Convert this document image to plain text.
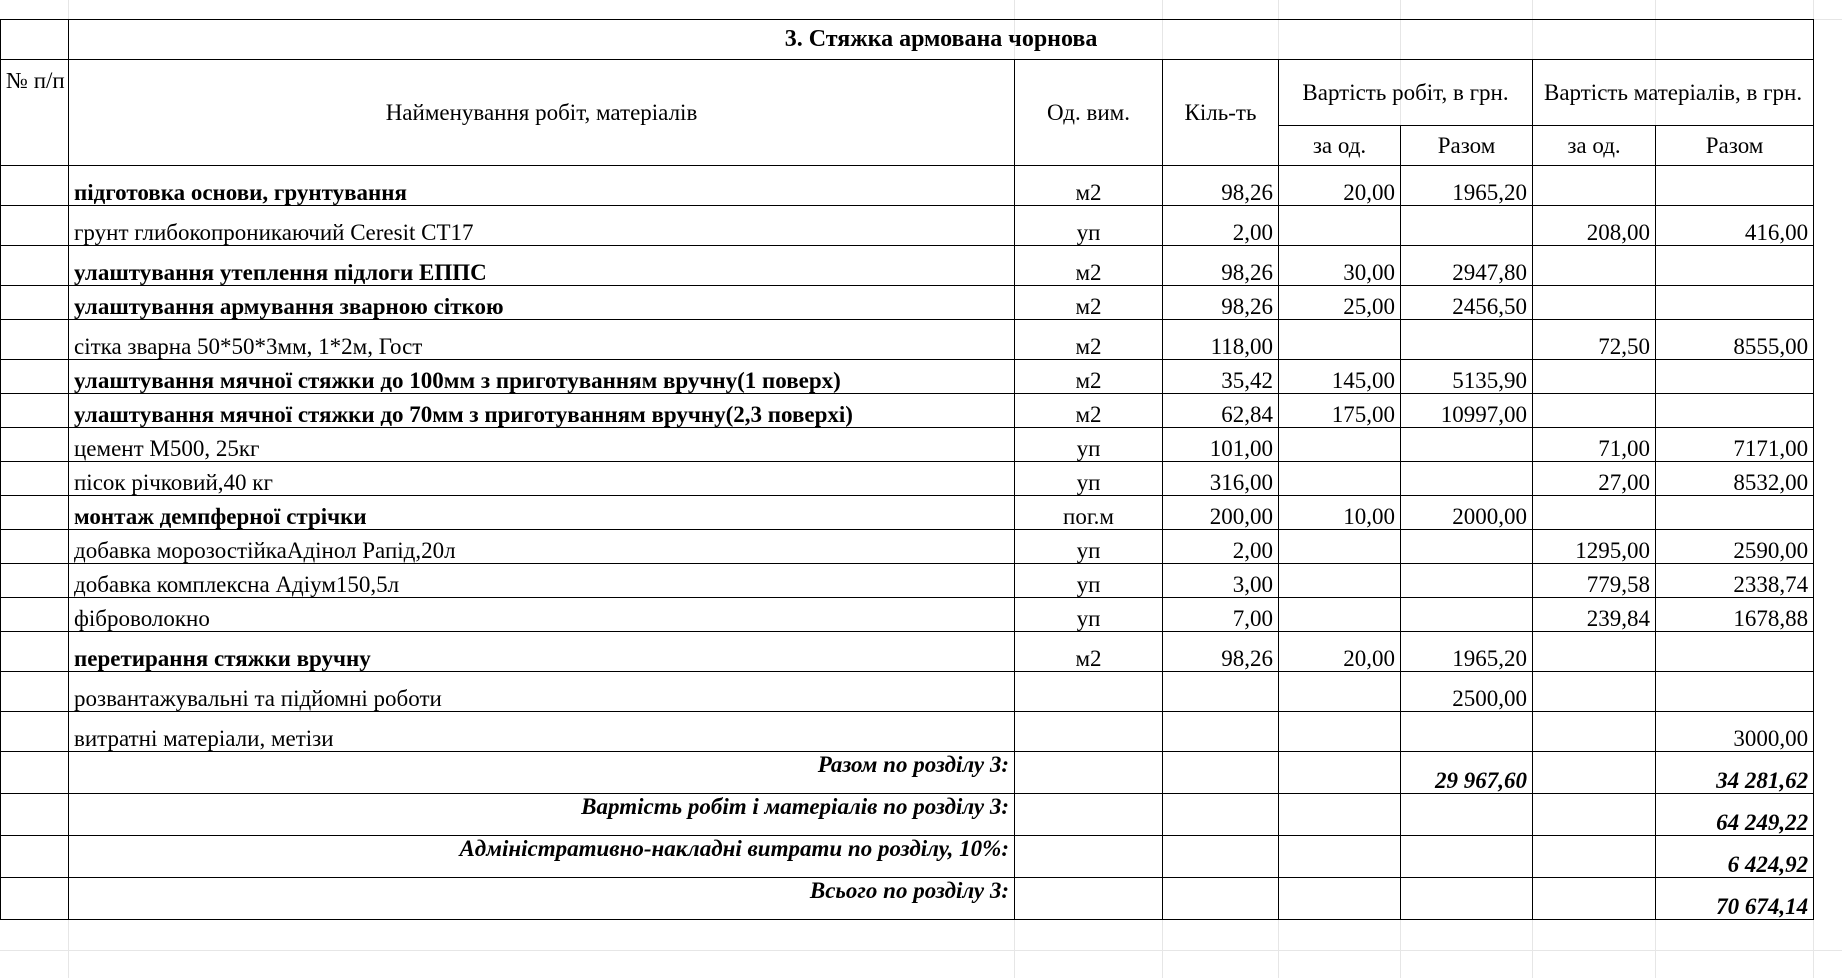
	3. Стяжка армована чорнова						
№ п/п	Найменування робіт, матеріалів	Од. вим.	Кіль-ть	Вартість робіт, в грн.		Вартість матеріалів, в грн.	
				за од.	Разом	за од.	Разом
	підготовка основи, грунтування	м2	98,26	20,00	1965,20		
	грунт глибокопроникаючий Ceresit CT17	уп	2,00			208,00	416,00
	улаштування утеплення підлоги ЕППС	м2	98,26	30,00	2947,80		
	улаштування армування зварною сіткою	м2	98,26	25,00	2456,50		
	сітка зварна 50*50*3мм, 1*2м, Гост	м2	118,00			72,50	8555,00
	улаштування мячної стяжки до 100мм з приготуванням вручну(1 поверх)	м2	35,42	145,00	5135,90		
	улаштування мячної стяжки до 70мм з приготуванням вручну(2,3 поверхі)	м2	62,84	175,00	10997,00		
	цемент М500, 25кг	уп	101,00			71,00	7171,00
	пісок річковий,40 кг	уп	316,00			27,00	8532,00
	монтаж демпферної стрічки	пог.м	200,00	10,00	2000,00		
	добавка морозостійкаАдінол Рапід,20л	уп	2,00			1295,00	2590,00
	добавка комплексна Адіум150,5л	уп	3,00			779,58	2338,74
	фіброволокно	уп	7,00			239,84	1678,88
	перетирання стяжки вручну	м2	98,26	20,00	1965,20		
	розвантажувальні та підйомні роботи				2500,00		
	витратні матеріали, метізи						3000,00
	Разом по розділу 3:				29 967,60		34 281,62
	Вартість робіт і матеріалів по розділу 3:						64 249,22
	Адміністративно-накладні витрати по розділу, 10%:						6 424,92
	Всього по розділу 3:						70 674,14
